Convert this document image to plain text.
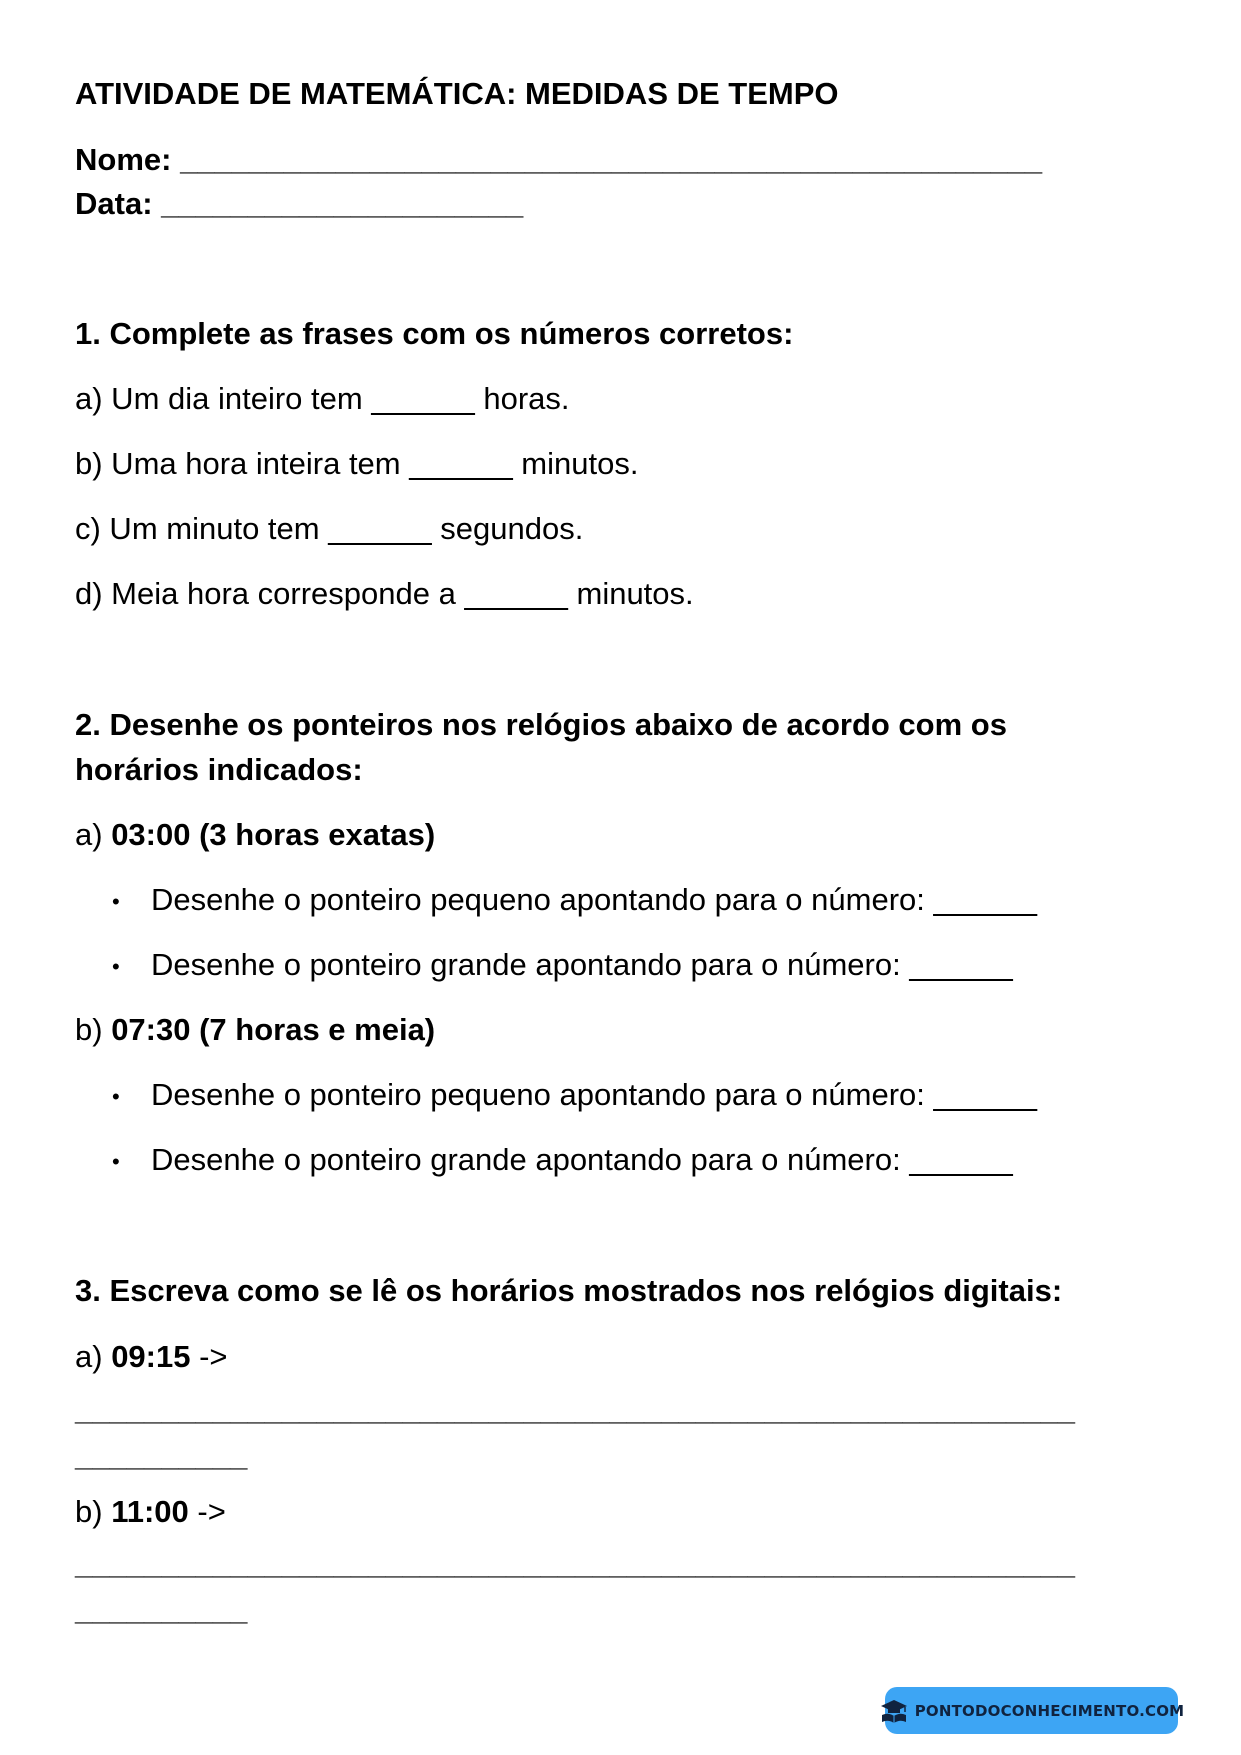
ATIVIDADE DE MATEMÁTICA: MEDIDAS DE TEMPO
Nome: __________________________________________________
Data: _____________________
1. Complete as frases com os números corretos:
a) Um dia inteiro tem ______ horas.
b) Uma hora inteira tem ______ minutos.
c) Um minuto tem ______ segundos.
d) Meia hora corresponde a ______ minutos.
2. Desenhe os ponteiros nos relógios abaixo de acordo com os
horários indicados:
a) 03:00 (3 horas exatas)
• Desenhe o ponteiro pequeno apontando para o número: ______
• Desenhe o ponteiro grande apontando para o número: ______
b) 07:30 (7 horas e meia)
• Desenhe o ponteiro pequeno apontando para o número: ______
• Desenhe o ponteiro grande apontando para o número: ______
3. Escreva como se lê os horários mostrados nos relógios digitais:
a) 09:15 ->
__________________________________________________________
__________
b) 11:00 ->
__________________________________________________________
__________
PONTODOCONHECIMENTO.COM
